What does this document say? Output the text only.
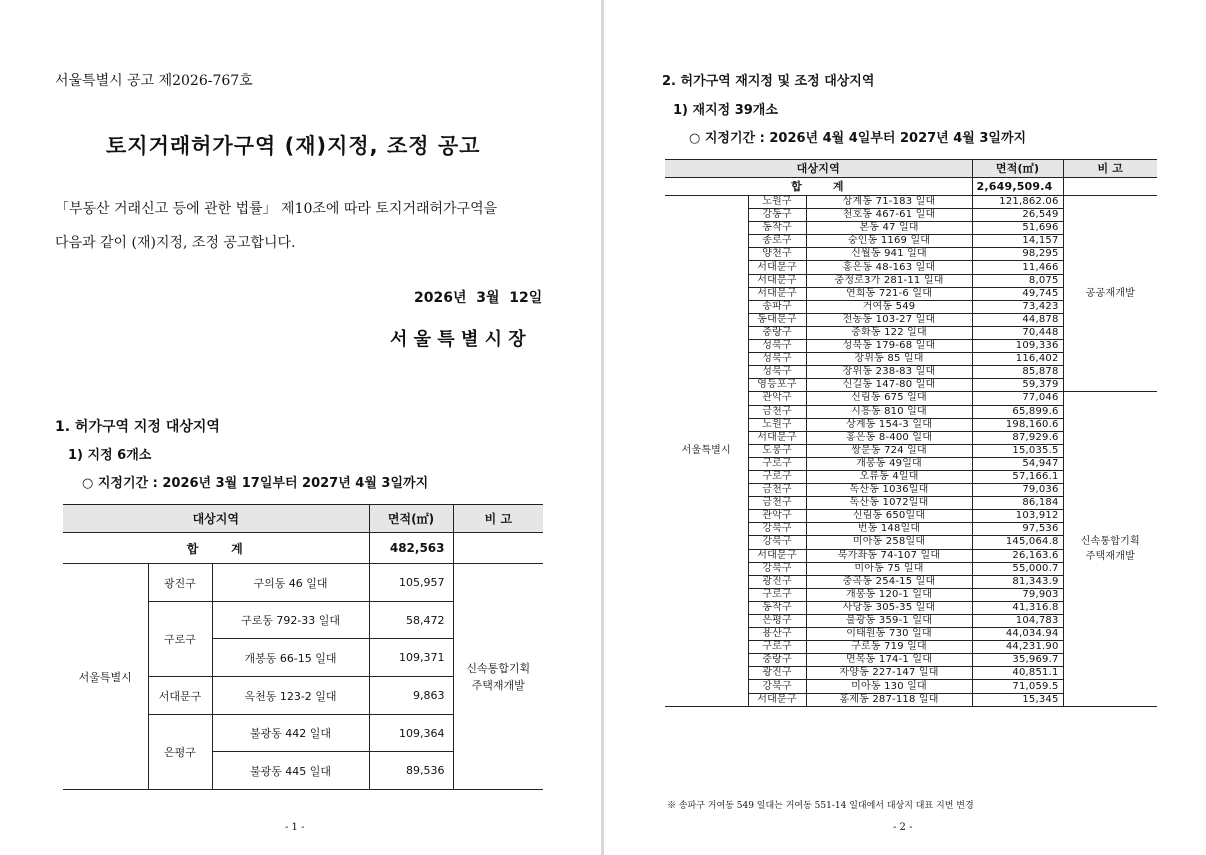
서울특별시 공고 제2026-767호
토지거래허가구역 (재)지정, 조정 공고
「부동산 거래신고 등에 관한 법률」 제10조에 따라 토지거래허가구역을
다음과 같이 (재)지정, 조정 공고합니다.
2026년  3월  12일
서 울 특 별 시 장
1. 허가구역 지정 대상지역
1) 지정 6개소
○ 지정기간 : 2026년 3월 17일부터 2027년 4월 3일까지
대상지역			면적(㎡)	비 고
합     계			482,563	
서울특별시	광진구	구의동 46 일대	105,957	신속통합기획
주택재개발
	구로구	구로동 792-33 일대	58,472	
		개봉동 66-15 일대	109,371	
	서대문구	옥천동 123-2 일대	9,863	
	은평구	불광동 442 일대	109,364	
		불광동 445 일대	89,536	
- 1 -
2. 허가구역 재지정 및 조정 대상지역
1) 재지정 39개소
○ 지정기간 : 2026년 4월 4일부터 2027년 4월 3일까지
대상지역			면적(㎡)	비 고
합     계			2,649,509.4	
서울특별시	노원구	상계동 71-183 일대	121,862.06	공공재개발
	강동구	천호동 467-61 일대	26,549	
	동작구	본동 47 일대	51,696	
	종로구	숭인동 1169 일대	14,157	
	양천구	신월동 941 일대	98,295	
	서대문구	홍은동 48-163 일대	11,466	
	서대문구	충정로3가 281-11 일대	8,075	
	서대문구	연희동 721-6 일대	49,745	
	송파구	거여동 549	73,423	
	동대문구	전농동 103-27 일대	44,878	
	중랑구	중화동 122 일대	70,448	
	성북구	성북동 179-68 일대	109,336	
	성북구	장위동 85 일대	116,402	
	성북구	장위동 238-83 일대	85,878	
	영등포구	신길동 147-80 일대	59,379	
	관악구	신림동 675 일대	77,046	신속통합기획
주택재개발
	금천구	시흥동 810 일대	65,899.6	
	노원구	상계동 154-3 일대	198,160.6	
	서대문구	홍은동 8-400 일대	87,929.6	
	도봉구	쌍문동 724 일대	15,035.5	
	구로구	개봉동 49일대	54,947	
	구로구	오류동 4일대	57,166.1	
	금천구	독산동 1036일대	79,036	
	금천구	독산동 1072일대	86,184	
	관악구	신림동 650일대	103,912	
	강북구	번동 148일대	97,536	
	강북구	미아동 258일대	145,064.8	
	서대문구	북가좌동 74-107 일대	26,163.6	
	강북구	미아동 75 일대	55,000.7	
	광진구	중곡동 254-15 일대	81,343.9	
	구로구	개봉동 120-1 일대	79,903	
	동작구	사당동 305-35 일대	41,316.8	
	은평구	불광동 359-1 일대	104,783	
	용산구	이태원동 730 일대	44,034.94	
	구로구	구로동 719 일대	44,231.90	
	중랑구	면목동 174-1 일대	35,969.7	
	광진구	자양동 227-147 일대	40,851.1	
	강북구	미아동 130 일대	71,059.5	
	서대문구	홍제동 287-118 일대	15,345	
※ 송파구 거여동 549 일대는 거여동 551-14 일대에서 대상지 대표 지번 변경
- 2 -
